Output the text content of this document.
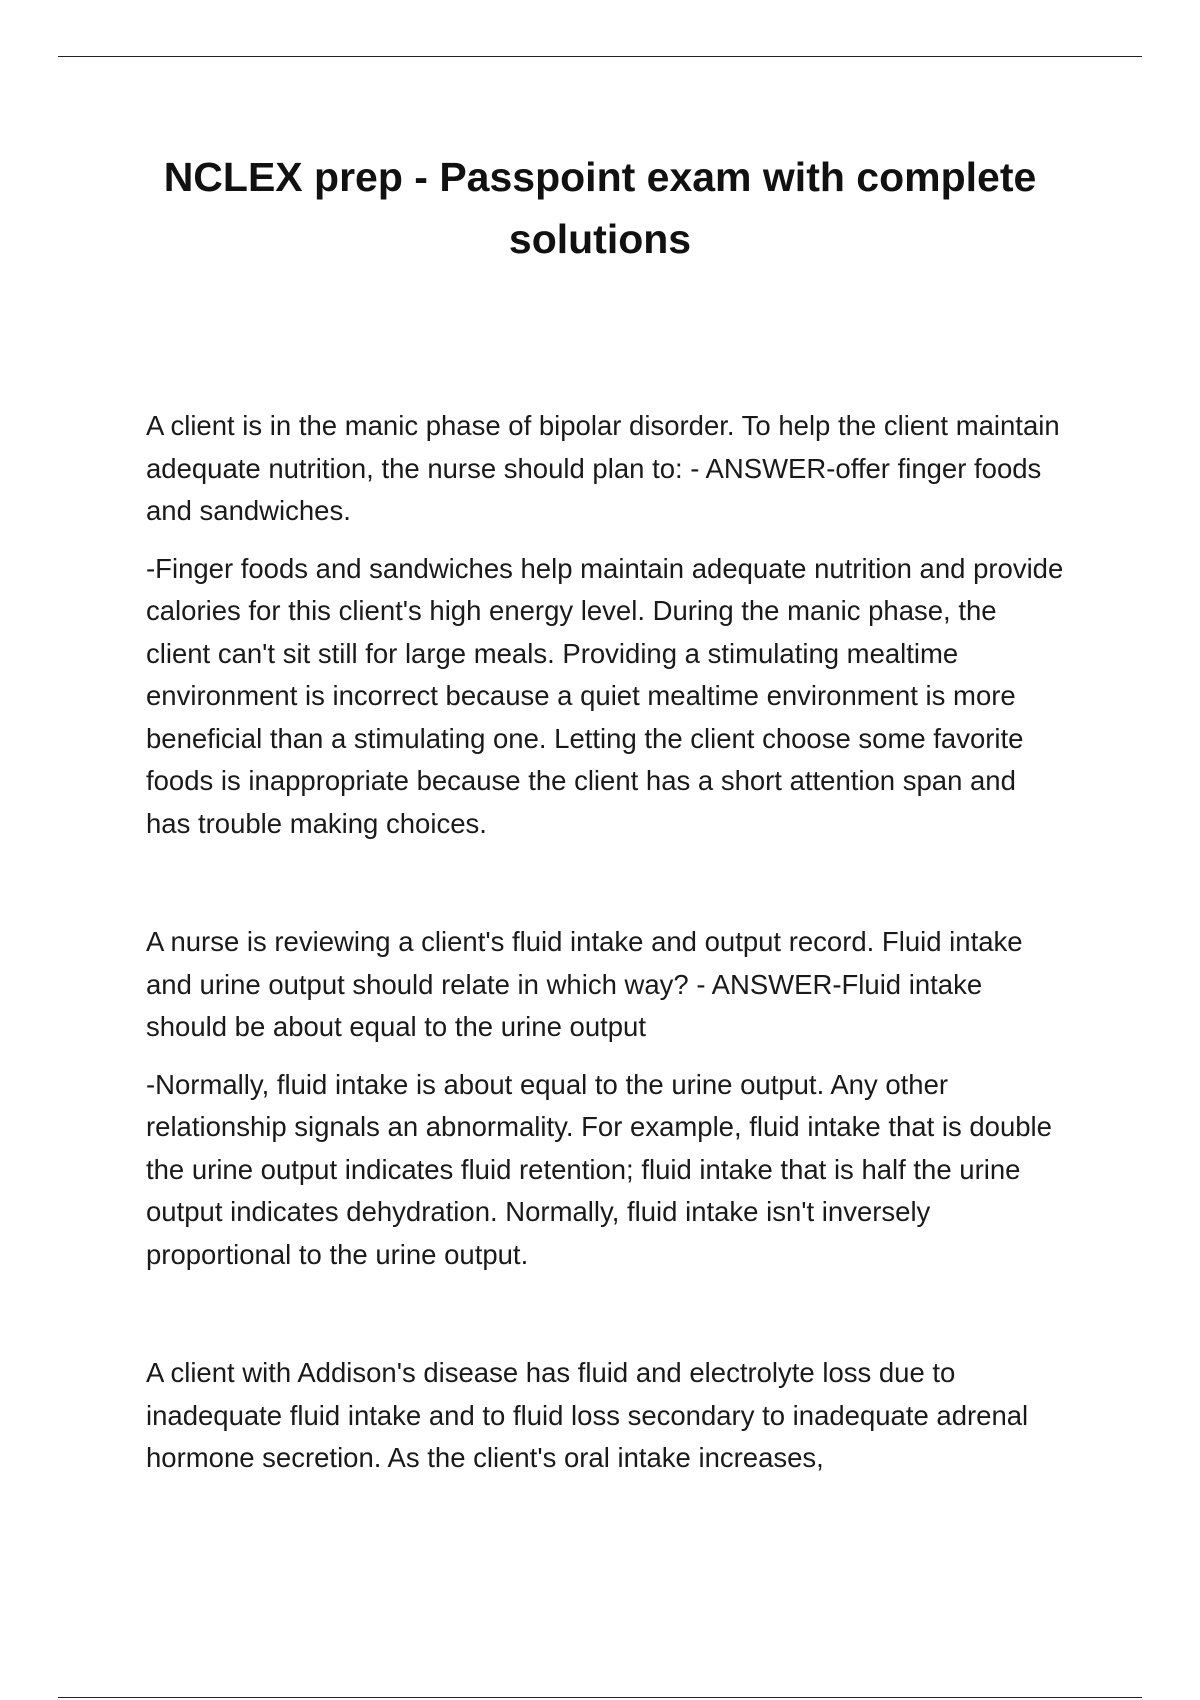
NCLEX prep - Passpoint exam with complete solutions

A client is in the manic phase of bipolar disorder. To help the client maintain adequate nutrition, the nurse should plan to: - ANSWER-offer finger foods and sandwiches.

-Finger foods and sandwiches help maintain adequate nutrition and provide calories for this client's high energy level. During the manic phase, the client can't sit still for large meals. Providing a stimulating mealtime environment is incorrect because a quiet mealtime environment is more beneficial than a stimulating one. Letting the client choose some favorite foods is inappropriate because the client has a short attention span and has trouble making choices.

A nurse is reviewing a client's fluid intake and output record. Fluid intake and urine output should relate in which way? - ANSWER-Fluid intake should be about equal to the urine output

-Normally, fluid intake is about equal to the urine output. Any other relationship signals an abnormality. For example, fluid intake that is double the urine output indicates fluid retention; fluid intake that is half the urine output indicates dehydration. Normally, fluid intake isn't inversely proportional to the urine output.

A client with Addison's disease has fluid and electrolyte loss due to inadequate fluid intake and to fluid loss secondary to inadequate adrenal hormone secretion. As the client's oral intake increases,
